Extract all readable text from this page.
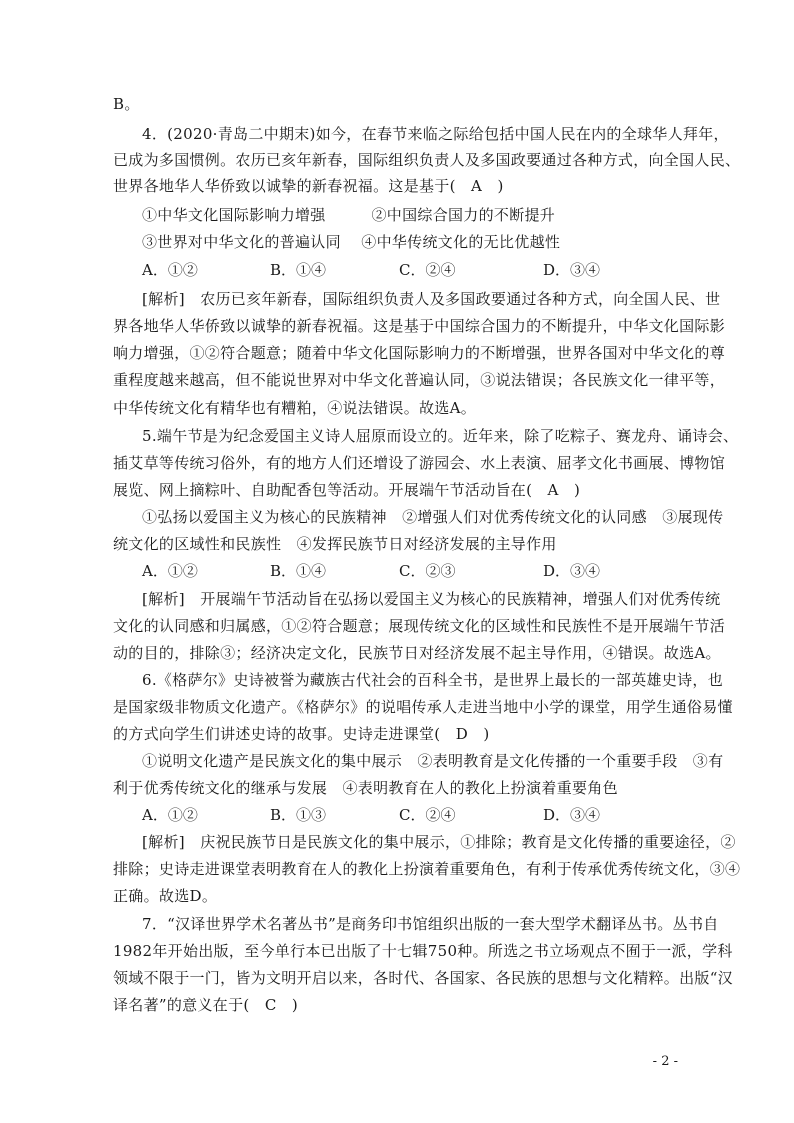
B。
4．(2020·青岛二中期末)如今，在春节来临之际给包括中国人民在内的全球华人拜年，
已成为多国惯例。农历已亥年新春，国际组织负责人及多国政要通过各种方式，向全国人民、
世界各地华人华侨致以诚挚的新春祝福。这是基于(　A　)
①中华文化国际影响力增强　　　②中国综合国力的不断提升
③世界对中华文化的普遍认同　 ④中华传统文化的无比优越性
A．①②	B．①④	C．②④	D．③④
[解析]　农历已亥年新春，国际组织负责人及多国政要通过各种方式，向全国人民、世
界各地华人华侨致以诚挚的新春祝福。这是基于中国综合国力的不断提升，中华文化国际影
响力增强，①②符合题意；随着中华文化国际影响力的不断增强，世界各国对中华文化的尊
重程度越来越高，但不能说世界对中华文化普遍认同，③说法错误；各民族文化一律平等，
中华传统文化有精华也有糟粕，④说法错误。故选A。
5.端午节是为纪念爱国主义诗人屈原而设立的。近年来，除了吃粽子、赛龙舟、诵诗会、
插艾草等传统习俗外，有的地方人们还增设了游园会、水上表演、屈孝文化书画展、博物馆
展览、网上摘粽叶、自助配香包等活动。开展端午节活动旨在(　A　)
①弘扬以爱国主义为核心的民族精神　②增强人们对优秀传统文化的认同感　③展现传
统文化的区域性和民族性　④发挥民族节日对经济发展的主导作用
A．①②	B．①④	C．②③	D．③④
[解析]　开展端午节活动旨在弘扬以爱国主义为核心的民族精神，增强人们对优秀传统
文化的认同感和归属感，①②符合题意；展现传统文化的区域性和民族性不是开展端午节活
动的目的，排除③；经济决定文化，民族节日对经济发展不起主导作用，④错误。故选A。
6.《格萨尔》史诗被誉为藏族古代社会的百科全书，是世界上最长的一部英雄史诗，也
是国家级非物质文化遗产。《格萨尔》的说唱传承人走进当地中小学的课堂，用学生通俗易懂
的方式向学生们讲述史诗的故事。史诗走进课堂(　D　)
①说明文化遗产是民族文化的集中展示　②表明教育是文化传播的一个重要手段　③有
利于优秀传统文化的继承与发展　④表明教育在人的教化上扮演着重要角色
A．①②	B．①③	C．②④	D．③④
[解析]　庆祝民族节日是民族文化的集中展示，①排除；教育是文化传播的重要途径，②
排除；史诗走进课堂表明教育在人的教化上扮演着重要角色，有利于传承优秀传统文化，③④
正确。故选D。
7．“汉译世界学术名著丛书”是商务印书馆组织出版的一套大型学术翻译丛书。丛书自
1982年开始出版，至今单行本已出版了十七辑750种。所选之书立场观点不囿于一派，学科
领域不限于一门，皆为文明开启以来，各时代、各国家、各民族的思想与文化精粹。出版“汉
译名著”的意义在于(　C　)
- 2 -
